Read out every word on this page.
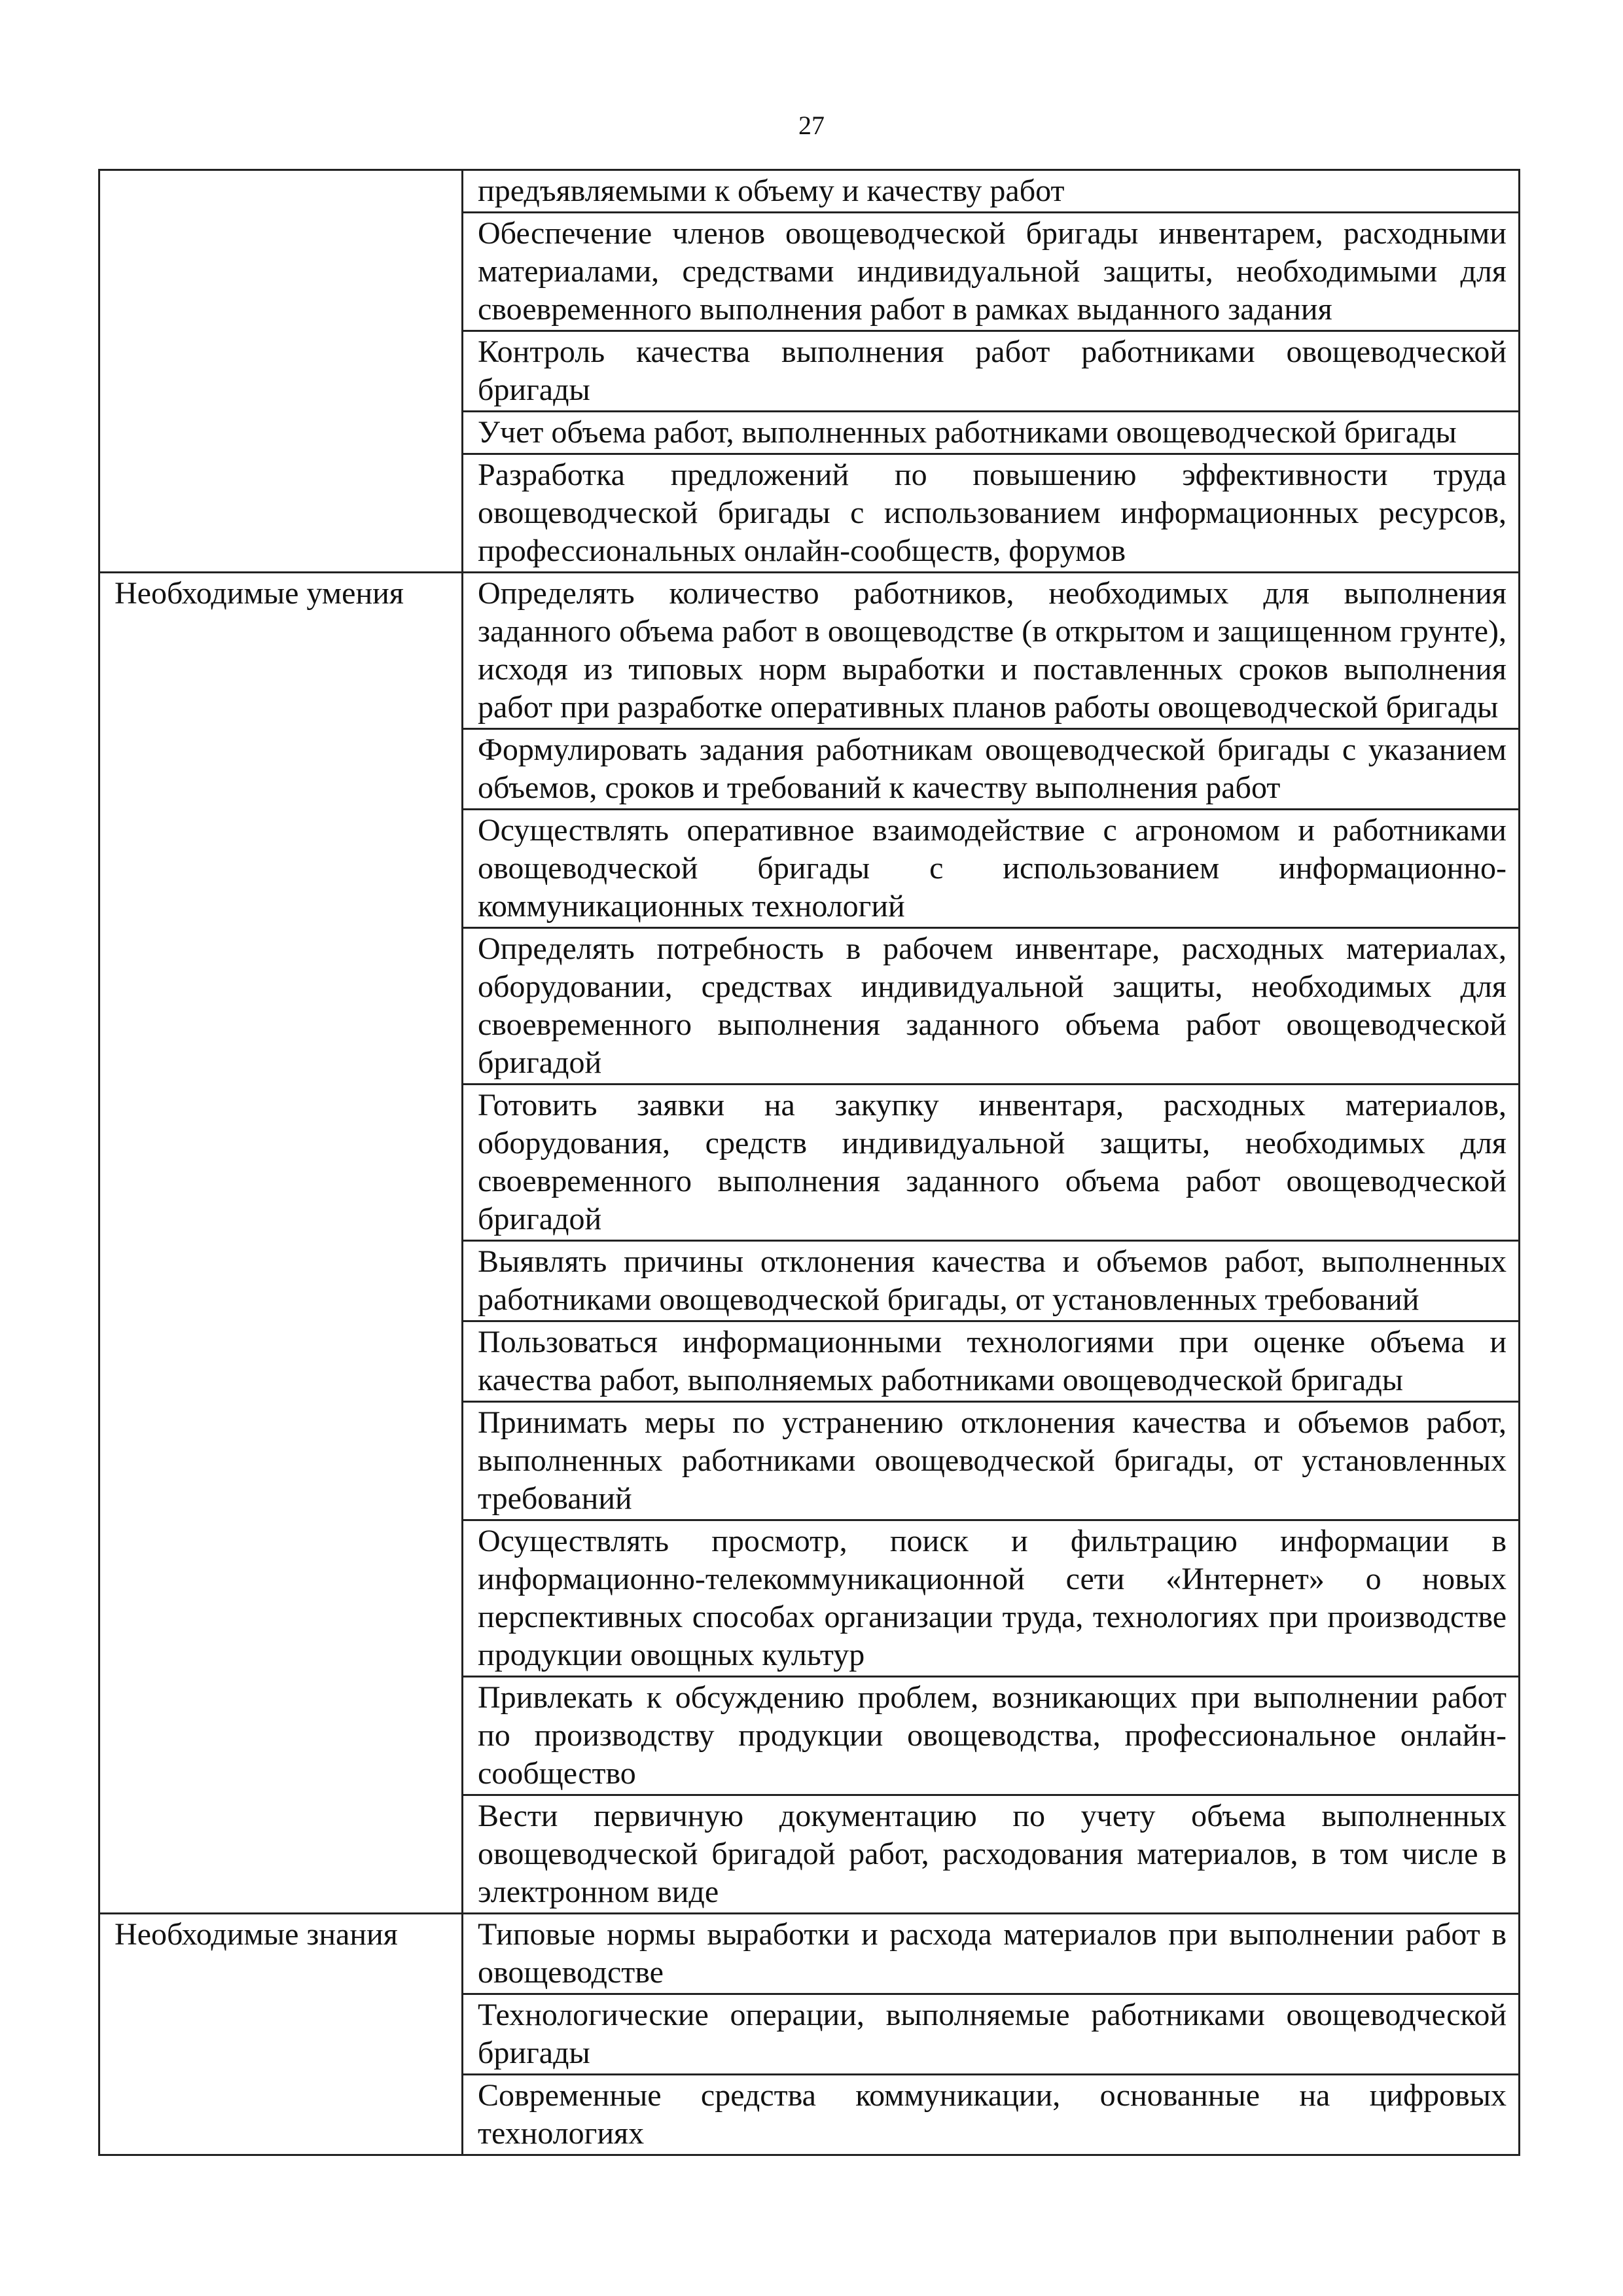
27
	предъявляемыми к объему и качеству работ
	Обеспечение членов овощеводческой бригады инвентарем, расходными материалами, средствами индивидуальной защиты, необходимыми для своевременного выполнения работ в рамках выданного задания
	Контроль качества выполнения работ работниками овощеводческой бригады
	Учет объема работ, выполненных работниками овощеводческой бригады
	Разработка предложений по повышению эффективности труда овощеводческой бригады с использованием информационных ресурсов, профессиональных онлайн-сообществ, форумов
Необходимые умения	Определять количество работников, необходимых для выполнения заданного объема работ в овощеводстве (в открытом и защищенном грунте), исходя из типовых норм выработки и поставленных сроков выполнения работ при разработке оперативных планов работы овощеводческой бригады
	Формулировать задания работникам овощеводческой бригады с указанием объемов, сроков и требований к качеству выполнения работ
	Осуществлять оперативное взаимодействие с агрономом и работниками овощеводческой бригады с использованием информационно-коммуникационных технологий
	Определять потребность в рабочем инвентаре, расходных материалах, оборудовании, средствах индивидуальной защиты, необходимых для своевременного выполнения заданного объема работ овощеводческой бригадой
	Готовить заявки на закупку инвентаря, расходных материалов, оборудования, средств индивидуальной защиты, необходимых для своевременного выполнения заданного объема работ овощеводческой бригадой
	Выявлять причины отклонения качества и объемов работ, выполненных работниками овощеводческой бригады, от установленных требований
	Пользоваться информационными технологиями при оценке объема и качества работ, выполняемых работниками овощеводческой бригады
	Принимать меры по устранению отклонения качества и объемов работ, выполненных работниками овощеводческой бригады, от установленных требований
	Осуществлять просмотр, поиск и фильтрацию информации в информационно-телекоммуникационной сети «Интернет» о новых перспективных способах организации труда, технологиях при производстве продукции овощных культур
	Привлекать к обсуждению проблем, возникающих при выполнении работ по производству продукции овощеводства, профессиональное онлайн-сообщество
	Вести первичную документацию по учету объема выполненных овощеводческой бригадой работ, расходования материалов, в том числе в электронном виде
Необходимые знания	Типовые нормы выработки и расхода материалов при выполнении работ в овощеводстве
	Технологические операции, выполняемые работниками овощеводческой бригады
	Современные средства коммуникации, основанные на цифровых технологиях
